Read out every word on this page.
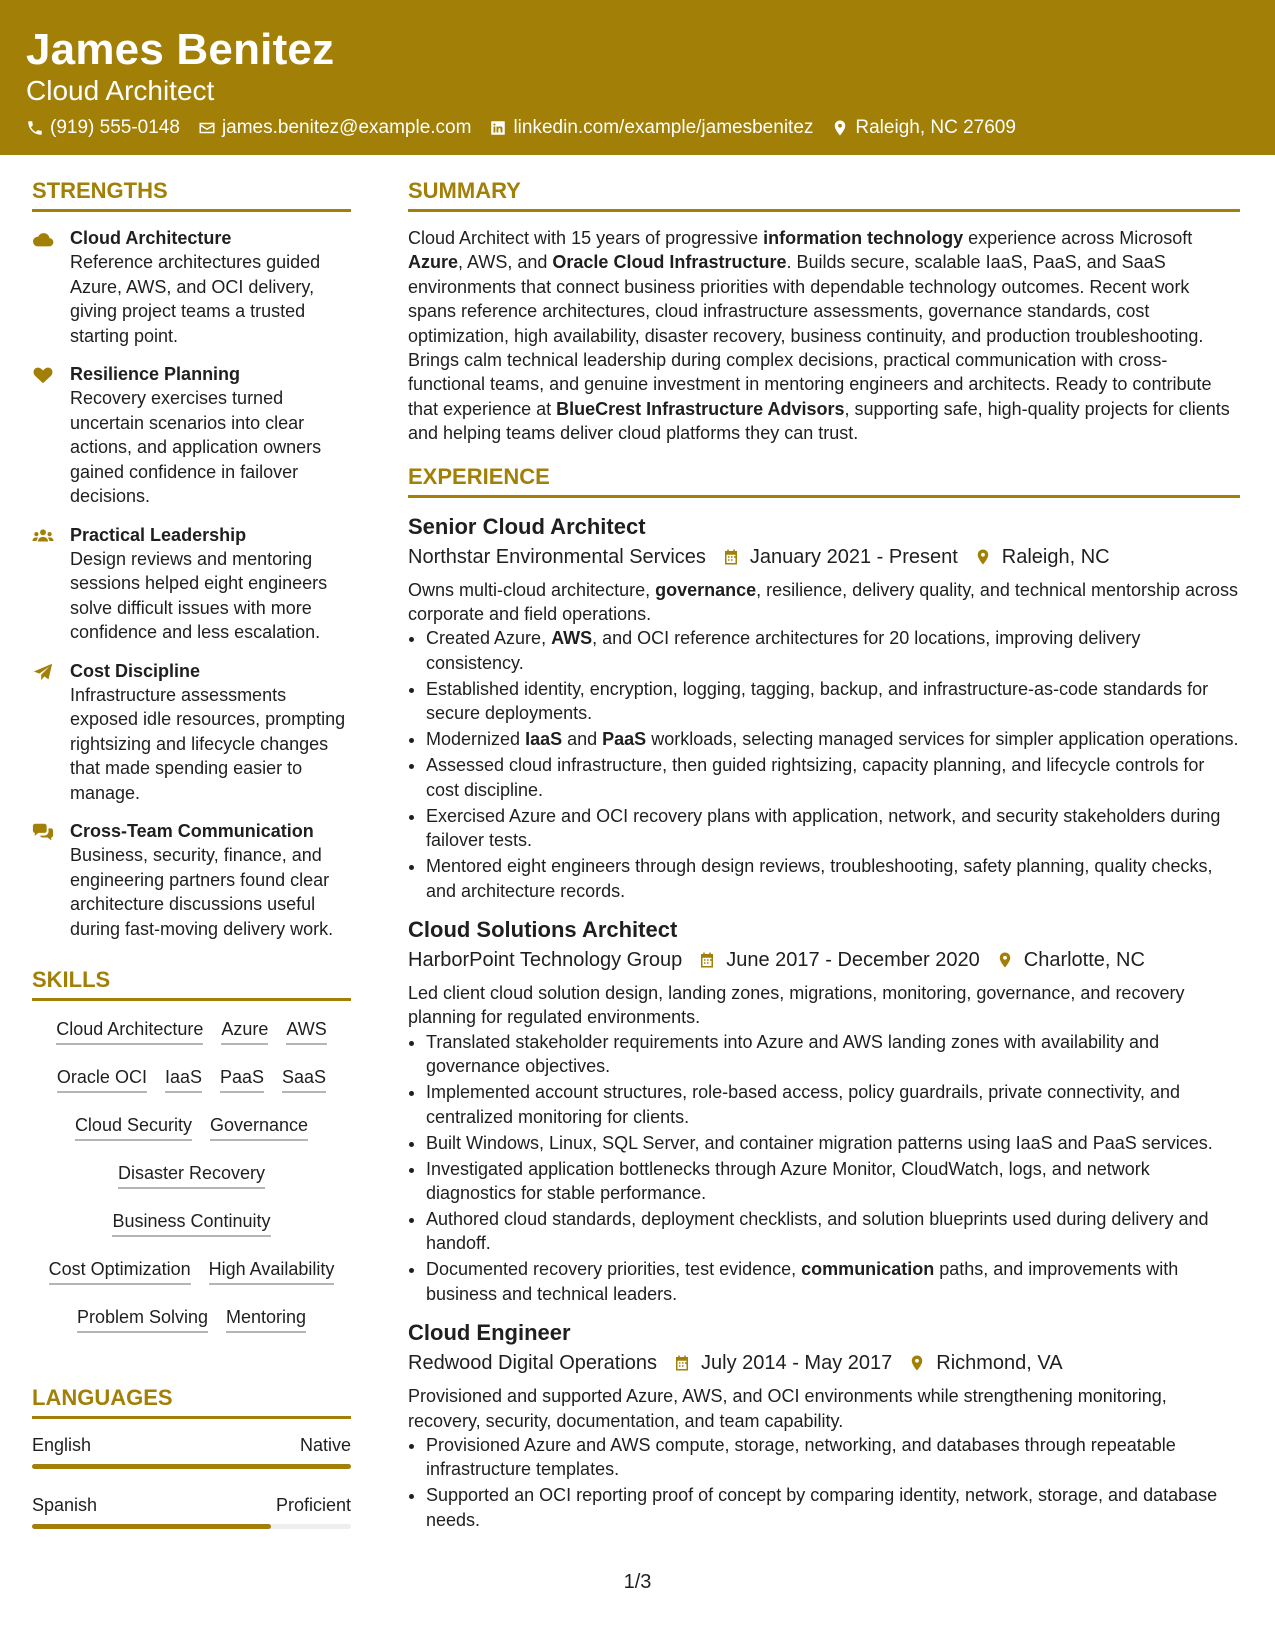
James Benitez
Cloud Architect
(919) 555-0148 james.benitez@example.com linkedin.com/example/jamesbenitez Raleigh, NC 27609
STRENGTHS
Cloud Architecture
Reference architectures guided Azure, AWS, and OCI delivery, giving project teams a trusted starting point.
Resilience Planning
Recovery exercises turned uncertain scenarios into clear actions, and application owners gained confidence in failover decisions.
Practical Leadership
Design reviews and mentoring sessions helped eight engineers solve difficult issues with more confidence and less escalation.
Cost Discipline
Infrastructure assessments exposed idle resources, prompting rightsizing and lifecycle changes that made spending easier to manage.
Cross-Team Communication
Business, security, finance, and engineering partners found clear architecture discussions useful during fast-moving delivery work.
SKILLS
Cloud Architecture Azure AWS
Oracle OCI IaaS PaaS SaaS
Cloud Security Governance
Disaster Recovery
Business Continuity
Cost Optimization High Availability
Problem Solving Mentoring
LANGUAGES
English	Native
Spanish	Proficient
SUMMARY
Cloud Architect with 15 years of progressive information technology experience across Microsoft Azure, AWS, and Oracle Cloud Infrastructure. Builds secure, scalable IaaS, PaaS, and SaaS environments that connect business priorities with dependable technology outcomes. Recent work spans reference architectures, cloud infrastructure assessments, governance standards, cost optimization, high availability, disaster recovery, business continuity, and production troubleshooting. Brings calm technical leadership during complex decisions, practical communication with cross-functional teams, and genuine investment in mentoring engineers and architects. Ready to contribute that experience at BlueCrest Infrastructure Advisors, supporting safe, high-quality projects for clients and helping teams deliver cloud platforms they can trust.
EXPERIENCE
Senior Cloud Architect
Northstar Environmental Services January 2021 - Present Raleigh, NC
Owns multi-cloud architecture, governance, resilience, delivery quality, and technical mentorship across corporate and field operations.
• Created Azure, AWS, and OCI reference architectures for 20 locations, improving delivery consistency.
• Established identity, encryption, logging, tagging, backup, and infrastructure-as-code standards for secure deployments.
• Modernized IaaS and PaaS workloads, selecting managed services for simpler application operations.
• Assessed cloud infrastructure, then guided rightsizing, capacity planning, and lifecycle controls for cost discipline.
• Exercised Azure and OCI recovery plans with application, network, and security stakeholders during failover tests.
• Mentored eight engineers through design reviews, troubleshooting, safety planning, quality checks, and architecture records.
Cloud Solutions Architect
HarborPoint Technology Group June 2017 - December 2020 Charlotte, NC
Led client cloud solution design, landing zones, migrations, monitoring, governance, and recovery planning for regulated environments.
• Translated stakeholder requirements into Azure and AWS landing zones with availability and governance objectives.
• Implemented account structures, role-based access, policy guardrails, private connectivity, and centralized monitoring for clients.
• Built Windows, Linux, SQL Server, and container migration patterns using IaaS and PaaS services.
• Investigated application bottlenecks through Azure Monitor, CloudWatch, logs, and network diagnostics for stable performance.
• Authored cloud standards, deployment checklists, and solution blueprints used during delivery and handoff.
• Documented recovery priorities, test evidence, communication paths, and improvements with business and technical leaders.
Cloud Engineer
Redwood Digital Operations July 2014 - May 2017 Richmond, VA
Provisioned and supported Azure, AWS, and OCI environments while strengthening monitoring, recovery, security, documentation, and team capability.
• Provisioned Azure and AWS compute, storage, networking, and databases through repeatable infrastructure templates.
• Supported an OCI reporting proof of concept by comparing identity, network, storage, and database needs.
1/3
